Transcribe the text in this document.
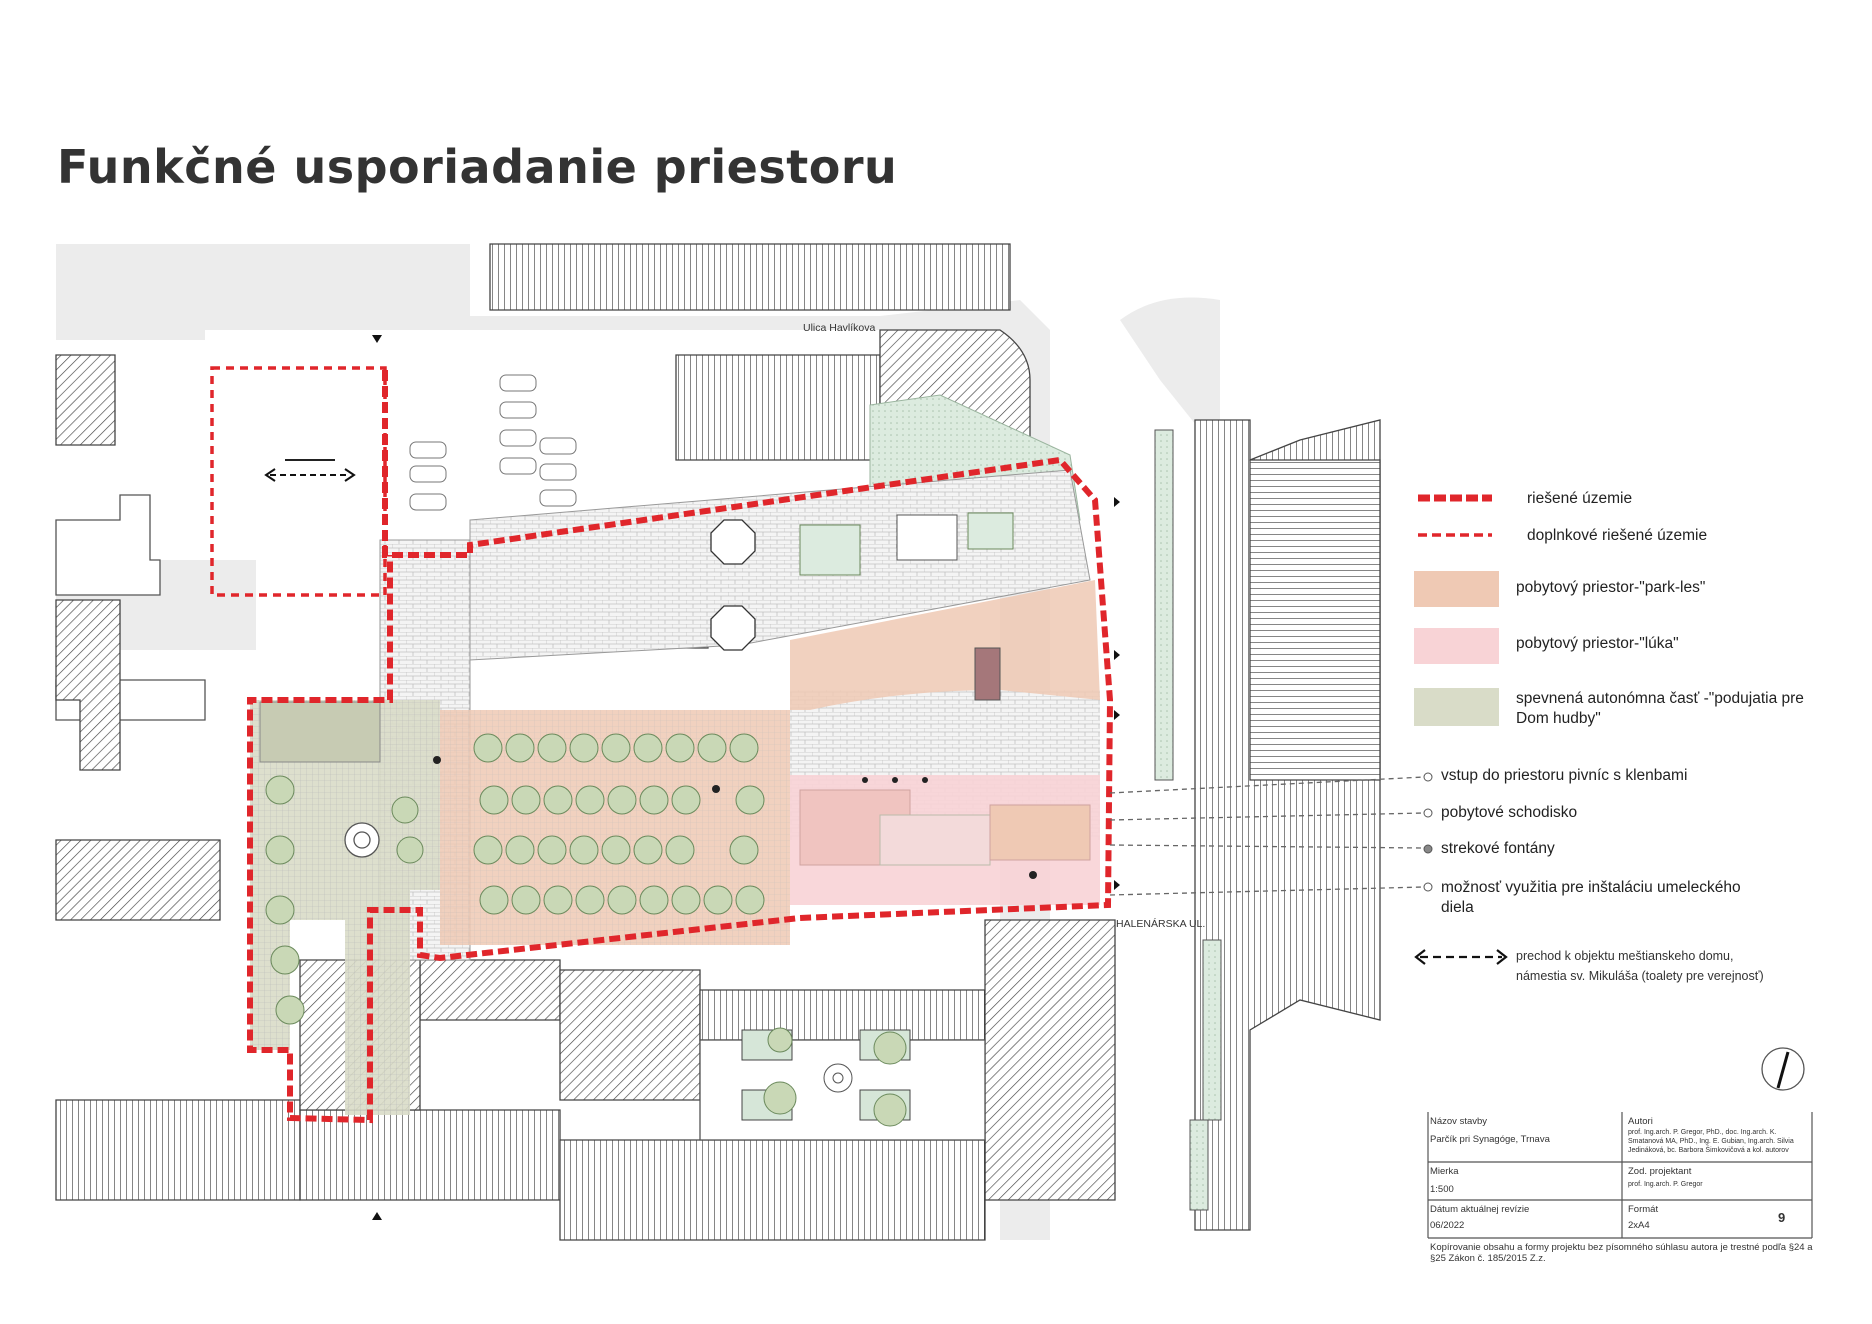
Funkčné usporiadanie priestoru
Ulica Havlíkova
HALENÁRSKA UL.
riešené územie
doplnkové riešené územie
pobytový priestor-"park-les"
pobytový priestor-"lúka"
spevnená autonómna časť -"podujatia pre Dom hudby"
vstup do priestoru pivníc s klenbami
pobytové schodisko
strekové fontány
možnosť využitia pre inštaláciu umeleckého diela
prechod k objektu meštianskeho domu, námestia sv. Mikuláša (toalety pre verejnosť)
Názov stavby
Parčík pri Synagóge, Trnava
Mierka
1:500
Dátum aktuálnej revízie
06/2022
Autori
prof. Ing.arch. P. Gregor, PhD., doc. Ing.arch. K. Smatanová MA, PhD., Ing. E. Gubian, Ing.arch. Silvia Jedináková, bc. Barbora Šimkovičová a kol. autorov
Zod. projektant
prof. Ing.arch. P. Gregor
Formát
2xA4
9
Kopírovanie obsahu a formy projektu bez písomného súhlasu autora je trestné podľa §24 a §25 Zákon č. 185/2015 Z.z.
